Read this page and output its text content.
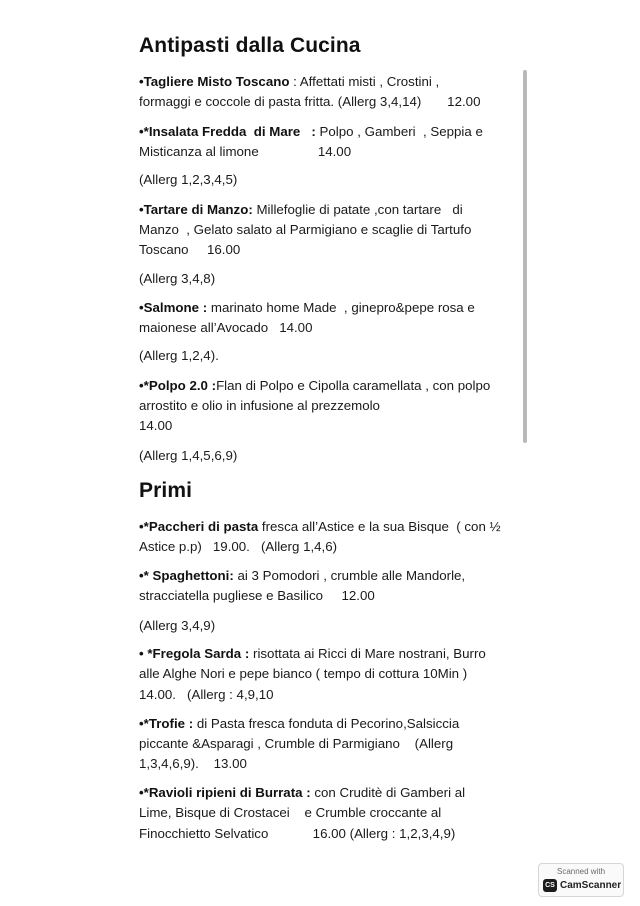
Antipasti dalla Cucina
•Tagliere Misto Toscano : Affettati misti , Crostini ,
formaggi e coccole di pasta fritta. (Allerg 3,4,14)       12.00
•*Insalata Fredda  di Mare   : Polpo , Gamberi  , Seppia e
Misticanza al limone                14.00
(Allerg 1,2,3,4,5)
•Tartare di Manzo: Millefoglie di patate ,con tartare   di
Manzo  , Gelato salato al Parmigiano e scaglie di Tartufo
Toscano     16.00
(Allerg 3,4,8)
•Salmone : marinato home Made  , ginepro&pepe rosa e
maionese all’Avocado   14.00
(Allerg 1,2,4).
•*Polpo 2.0 :Flan di Polpo e Cipolla caramellata , con polpo
arrostito e olio in infusione al prezzemolo
14.00
(Allerg 1,4,5,6,9)
Primi
•*Paccheri di pasta fresca all’Astice e la sua Bisque  ( con ½
Astice p.p)   19.00.   (Allerg 1,4,6)
•* Spaghettoni: ai 3 Pomodori , crumble alle Mandorle,
stracciatella pugliese e Basilico     12.00
(Allerg 3,4,9)
• *Fregola Sarda : risottata ai Ricci di Mare nostrani, Burro
alle Alghe Nori e pepe bianco ( tempo di cottura 10Min )
14.00.   (Allerg : 4,9,10
•*Trofie : di Pasta fresca fonduta di Pecorino,Salsiccia
piccante &Asparagi , Crumble di Parmigiano    (Allerg
1,3,4,6,9).    13.00
•*Ravioli ripieni di Burrata : con Cruditè di Gamberi al
Lime, Bisque di Crostacei    e Crumble croccante al
Finocchietto Selvatico            16.00 (Allerg : 1,2,3,4,9)
Scanned with
CS CamScanner
